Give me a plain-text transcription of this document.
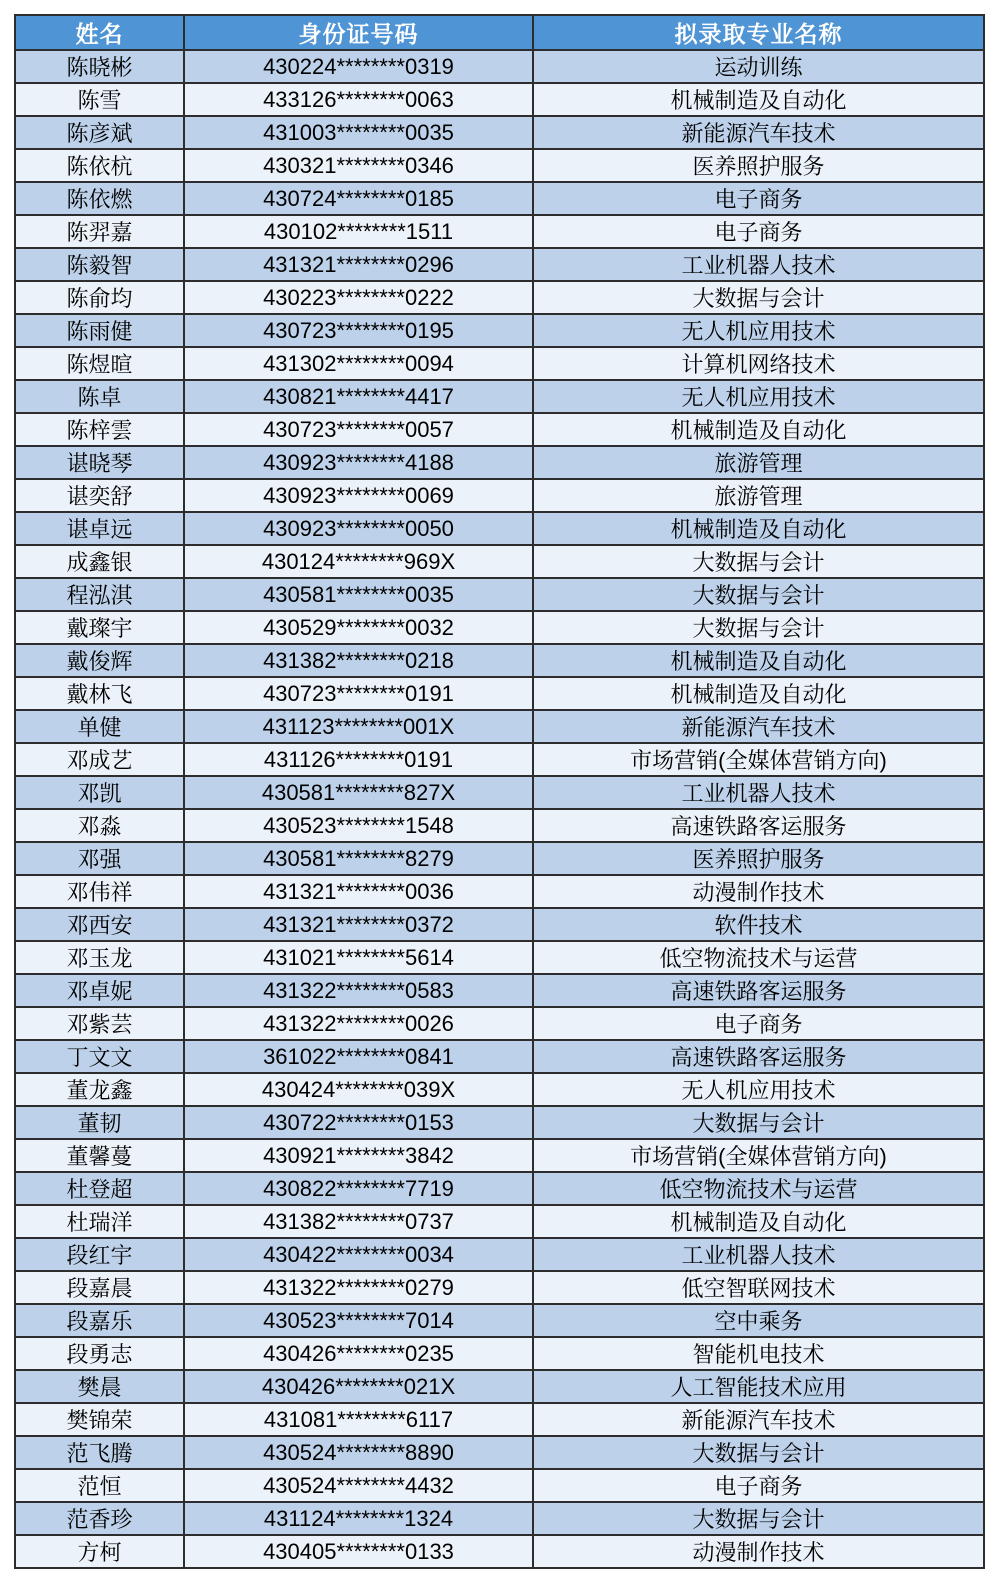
姓名	身份证号码	拟录取专业名称
陈晓彬	430224********0319	运动训练
陈雪	433126********0063	机械制造及自动化
陈彦斌	431003********0035	新能源汽车技术
陈依杭	430321********0346	医养照护服务
陈依燃	430724********0185	电子商务
陈羿嘉	430102********1511	电子商务
陈毅智	431321********0296	工业机器人技术
陈俞均	430223********0222	大数据与会计
陈雨健	430723********0195	无人机应用技术
陈煜暄	431302********0094	计算机网络技术
陈卓	430821********4417	无人机应用技术
陈梓雲	430723********0057	机械制造及自动化
谌晓琴	430923********4188	旅游管理
谌奕舒	430923********0069	旅游管理
谌卓远	430923********0050	机械制造及自动化
成鑫银	430124********969X	大数据与会计
程泓淇	430581********0035	大数据与会计
戴璨宇	430529********0032	大数据与会计
戴俊辉	431382********0218	机械制造及自动化
戴林飞	430723********0191	机械制造及自动化
单健	431123********001X	新能源汽车技术
邓成艺	431126********0191	市场营销(全媒体营销方向)
邓凯	430581********827X	工业机器人技术
邓淼	430523********1548	高速铁路客运服务
邓强	430581********8279	医养照护服务
邓伟祥	431321********0036	动漫制作技术
邓西安	431321********0372	软件技术
邓玉龙	431021********5614	低空物流技术与运营
邓卓妮	431322********0583	高速铁路客运服务
邓紫芸	431322********0026	电子商务
丁文文	361022********0841	高速铁路客运服务
董龙鑫	430424********039X	无人机应用技术
董韧	430722********0153	大数据与会计
董馨蔓	430921********3842	市场营销(全媒体营销方向)
杜登超	430822********7719	低空物流技术与运营
杜瑞洋	431382********0737	机械制造及自动化
段红宇	430422********0034	工业机器人技术
段嘉晨	431322********0279	低空智联网技术
段嘉乐	430523********7014	空中乘务
段勇志	430426********0235	智能机电技术
樊晨	430426********021X	人工智能技术应用
樊锦荣	431081********6117	新能源汽车技术
范飞腾	430524********8890	大数据与会计
范恒	430524********4432	电子商务
范香珍	431124********1324	大数据与会计
方柯	430405********0133	动漫制作技术
